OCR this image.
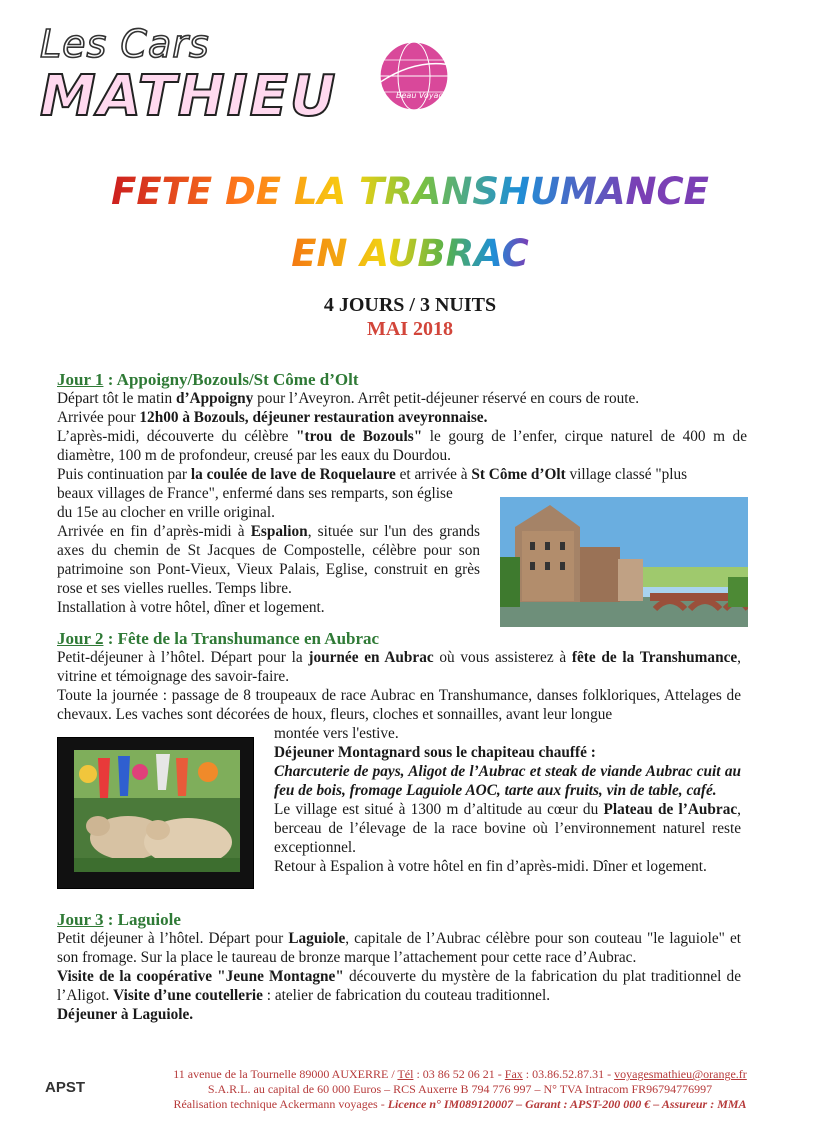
Les Cars
MATHIEU	Beau Voyage
FETE DE LA TRANSHUMANCE
EN AUBRAC
4 JOURS / 3 NUITS
MAI 2018
Jour 1 : Appoigny/Bozouls/St Côme d’Olt
Départ tôt le matin d’Appoigny pour l’Aveyron. Arrêt petit-déjeuner réservé en cours de route.
Arrivée pour 12h00 à Bozouls, déjeuner restauration aveyronnaise.
L’après-midi, découverte du célèbre "trou de Bozouls" le gourg de l’enfer, cirque naturel de 400 m de diamètre, 100 m de profondeur, creusé par les eaux du Dourdou.
Puis continuation par la coulée de lave de Roquelaure et arrivée à St Côme d’Olt village classé "plus
beaux villages de France", enfermé dans ses remparts, son église
du 15e au clocher en vrille original.
Arrivée en fin d’après-midi à Espalion, située sur l'un des grands axes du chemin de St Jacques de Compostelle, célèbre pour son patrimoine son Pont-Vieux, Vieux Palais, Eglise, construit en grès rose et ses vielles ruelles. Temps libre.
Installation à votre hôtel, dîner et logement.
Jour 2 : Fête de la Transhumance en Aubrac
Petit-déjeuner à l’hôtel. Départ pour la journée en Aubrac où vous assisterez à fête de la Transhumance, vitrine et témoignage des savoir-faire.
Toute la journée : passage de 8 troupeaux de race Aubrac en Transhumance, danses folkloriques, Attelages de chevaux. Les vaches sont décorées de houx, fleurs, cloches et sonnailles, avant leur longue
montée vers l'estive.
Déjeuner Montagnard sous le chapiteau chauffé :
Charcuterie de pays, Aligot de l’Aubrac et steak de viande Aubrac cuit au feu de bois, fromage Laguiole AOC, tarte aux fruits, vin de table, café.
Le village est situé à 1300 m d’altitude au cœur du Plateau de l’Aubrac, berceau de l’élevage de la race bovine où l’environnement naturel reste exceptionnel.
Retour à Espalion à votre hôtel en fin d’après-midi. Dîner et logement.
Jour 3 : Laguiole
Petit déjeuner à l’hôtel. Départ pour Laguiole, capitale de l’Aubrac célèbre pour son couteau "le laguiole" et son fromage. Sur la place le taureau de bronze marque l’attachement pour cette race d’Aubrac.
Visite de la coopérative "Jeune Montagne" découverte du mystère de la fabrication du plat traditionnel de l’Aligot. Visite d’une coutellerie : atelier de fabrication du couteau traditionnel.
Déjeuner à Laguiole.
APST
11 avenue de la Tournelle 89000 AUXERRE / Tél : 03 86 52 06 21 - Fax : 03.86.52.87.31 - voyagesmathieu@orange.fr
S.A.R.L. au capital de 60 000 Euros – RCS Auxerre B 794 776 997 – N° TVA Intracom FR96794776997
Réalisation technique Ackermann voyages - Licence n° IM089120007 – Garant : APST-200 000 € – Assureur : MMA
